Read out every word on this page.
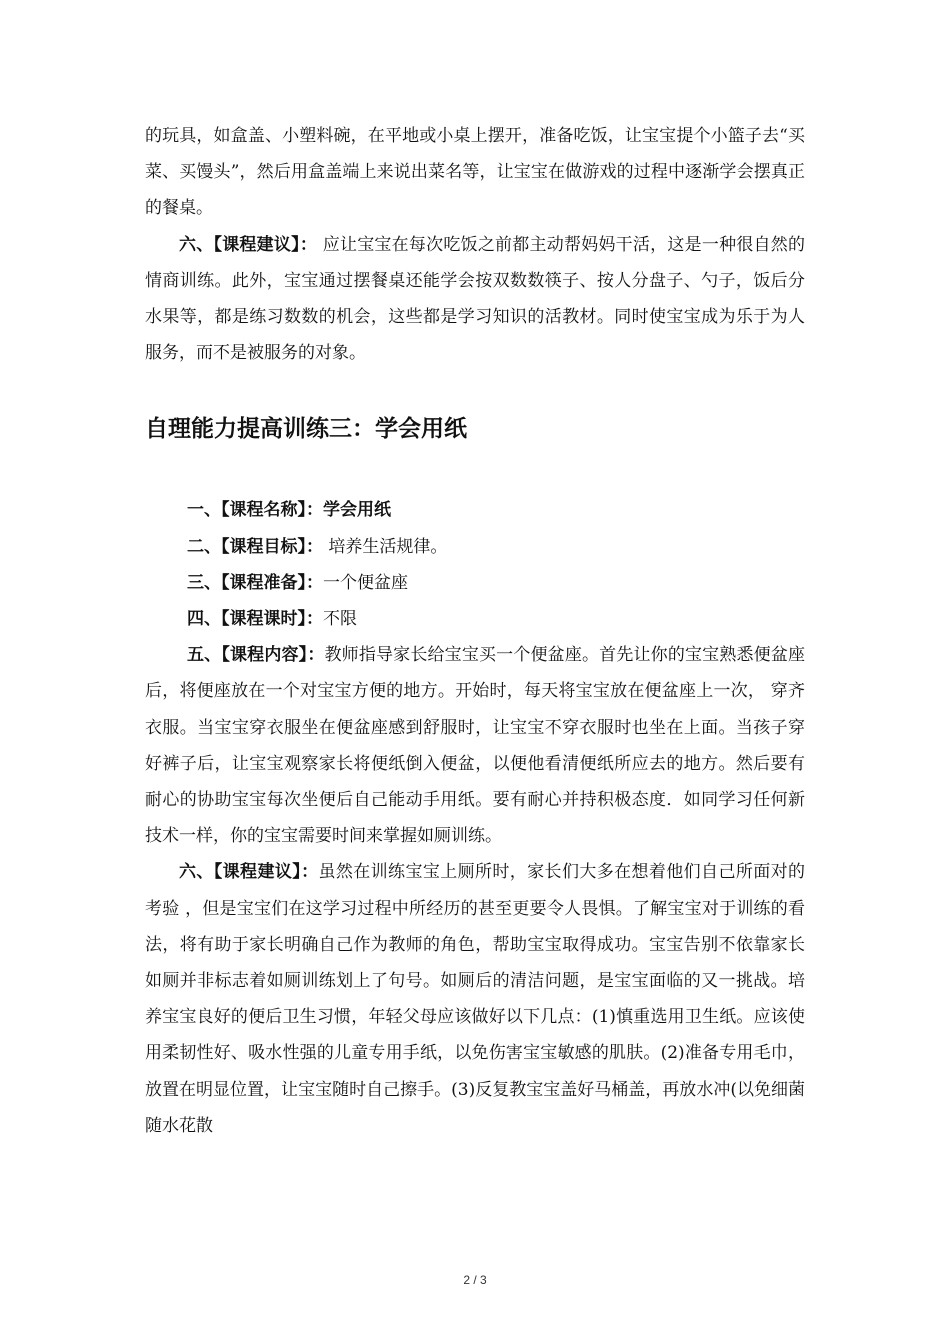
的玩具，如盒盖、小塑料碗，在平地或小桌上摆开，准备吃饭，让宝宝提个小篮子去“买菜、买馒头”，然后用盒盖端上来说出菜名等，让宝宝在做游戏的过程中逐渐学会摆真正的餐桌。

六、【课程建议】： 应让宝宝在每次吃饭之前都主动帮妈妈干活，这是一种很自然的情商训练。此外，宝宝通过摆餐桌还能学会按双数数筷子、按人分盘子、勺子，饭后分水果等，都是练习数数的机会，这些都是学习知识的活教材。同时使宝宝成为乐于为人服务，而不是被服务的对象。

自理能力提高训练三：学会用纸

一、【课程名称】：学会用纸

二、【课程目标】： 培养生活规律。

三、【课程准备】：一个便盆座

四、【课程课时】：不限

五、【课程内容】：教师指导家长给宝宝买一个便盆座。首先让你的宝宝熟悉便盆座后，将便座放在一个对宝宝方便的地方。开始时，每天将宝宝放在便盆座上一次， 穿齐衣服。当宝宝穿衣服坐在便盆座感到舒服时，让宝宝不穿衣服时也坐在上面。当孩子穿好裤子后，让宝宝观察家长将便纸倒入便盆，以便他看清便纸所应去的地方。然后要有耐心的协助宝宝每次坐便后自己能动手用纸。要有耐心并持积极态度．如同学习任何新技术一样，你的宝宝需要时间来掌握如厕训练。

六、【课程建议】：虽然在训练宝宝上厕所时，家长们大多在想着他们自己所面对的考验 ，但是宝宝们在这学习过程中所经历的甚至更要令人畏惧。了解宝宝对于训练的看法，将有助于家长明确自己作为教师的角色，帮助宝宝取得成功。宝宝告别不依靠家长如厕并非标志着如厕训练划上了句号。如厕后的清洁问题，是宝宝面临的又一挑战。培养宝宝良好的便后卫生习惯，年轻父母应该做好以下几点：(1)慎重选用卫生纸。应该使用柔韧性好、吸水性强的儿童专用手纸，以免伤害宝宝敏感的肌肤。(2)准备专用毛巾，放置在明显位置，让宝宝随时自己擦手。(3)反复教宝宝盖好马桶盖，再放水冲(以免细菌随水花散

2 / 3
